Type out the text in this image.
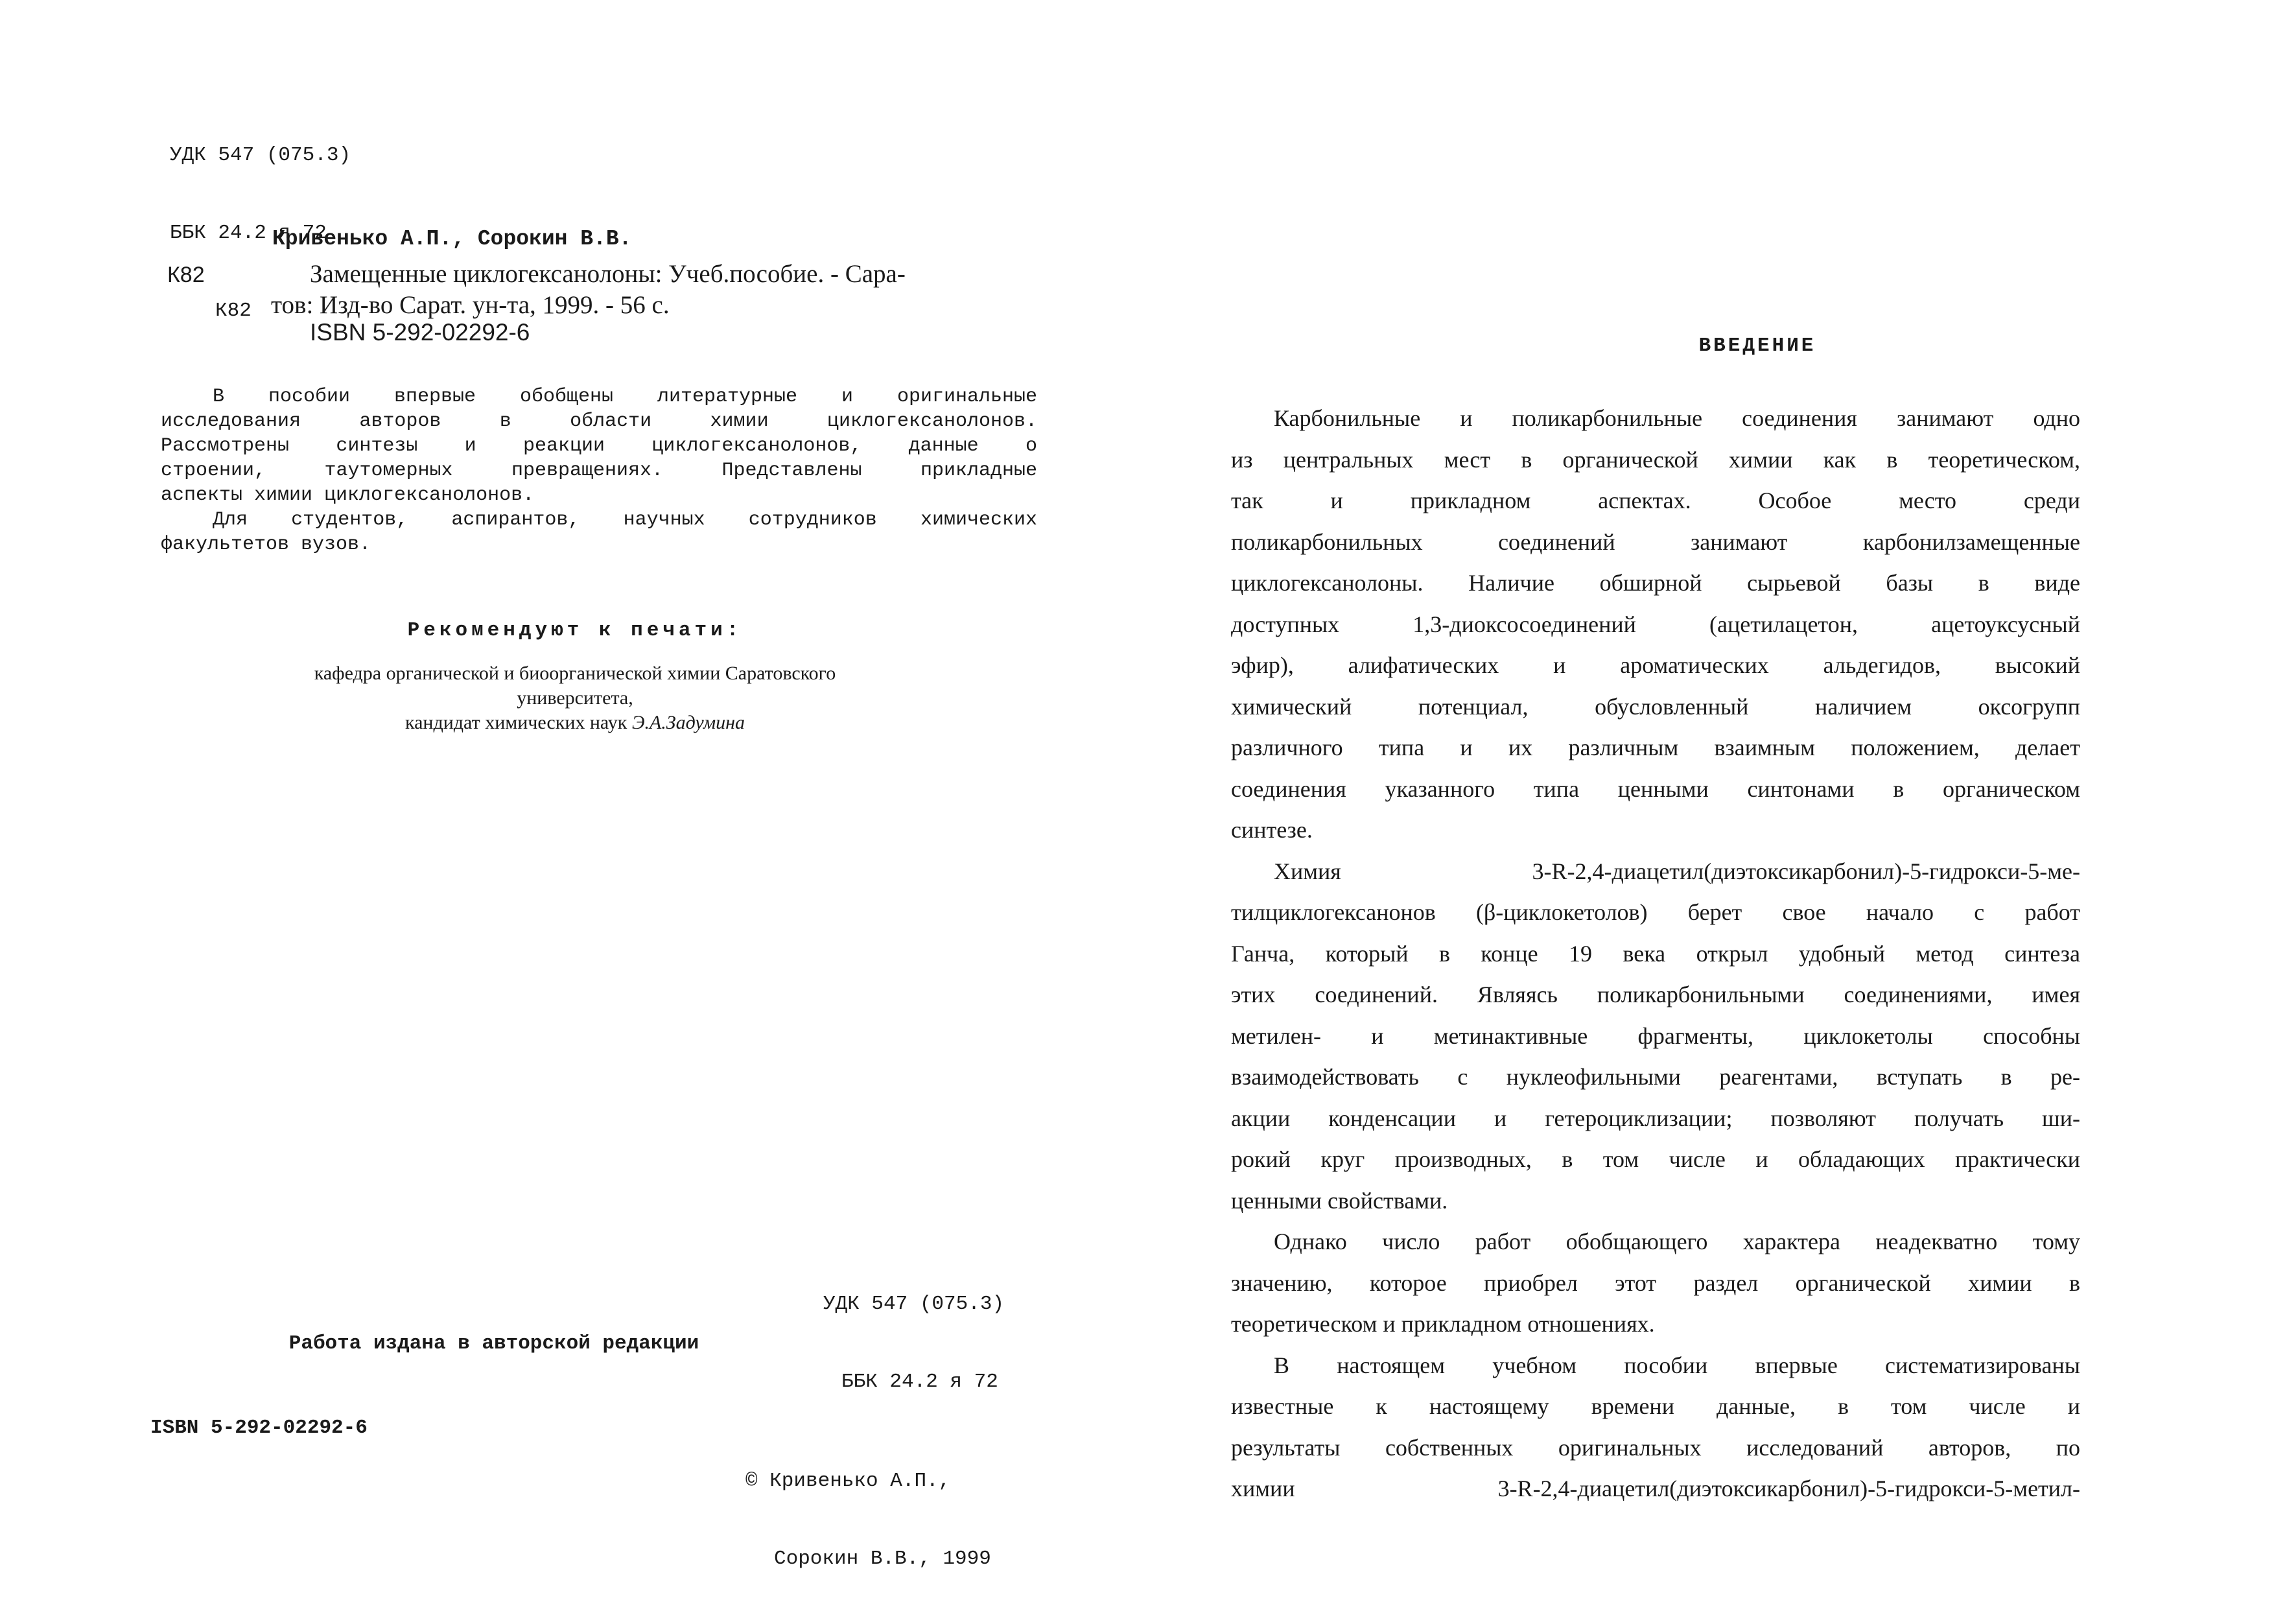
УДК 547 (075.3)

ББК 24.2 я 72

К82

Кривенько А.П., Сорокин В.В.
К82	Замещенные циклогексанолоны: Учеб.пособие. - Сара-
тов: Изд-во Сарат. ун-та, 1999. - 56 с.
ISBN 5-292-02292-6

В пособии впервые обобщены литературные и оригинальные

исследования авторов в области химии циклогексанолонов.

Рассмотрены синтезы и реакции циклогексанолонов, данные о

строении, таутомерных превращениях. Представлены прикладные

аспекты химии циклогексанолонов.

Для студентов, аспирантов, научных сотрудников химических

факультетов вузов.

Рекомендуют к печати:
кафедра органической и биоорганической химии Саратовского
университета,
кандидат химических наук Э.А.Задумина

УДК 547 (075.3)

ББК 24.2 я 72

Работа издана в авторской редакции
ISBN 5-292-02292-6

© Кривенько А.П.,

Сорокин В.В., 1999

ВВЕДЕНИЕ
Карбонильные и поликарбонильные соединения занимают одно
из центральных мест в органической химии как в теоретическом,
так и прикладном аспектах. Особое место среди
поликарбонильных соединений занимают карбонилзамещенные
циклогексанолоны. Наличие обширной сырьевой базы в виде
доступных 1,3-диоксосоединений (ацетилацетон, ацетоуксусный
эфир), алифатических и ароматических альдегидов, высокий
химический потенциал, обусловленный наличием оксогрупп
различного типа и их различным взаимным положением, делает
соединения указанного типа ценными синтонами в органическом
синтезе.
Химия 3-R-2,4-диацетил(диэтоксикарбонил)-5-гидрокси-5-ме-
тилциклогексанонов (β-циклокетолов) берет свое начало с работ
Ганча, который в конце 19 века открыл удобный метод синтеза
этих соединений. Являясь поликарбонильными соединениями, имея
метилен- и метинактивные фрагменты, циклокетолы способны
взаимодействовать с нуклеофильными реагентами, вступать в ре-
акции конденсации и гетероциклизации; позволяют получать ши-
рокий круг производных, в том числе и обладающих практически
ценными свойствами.
Однако число работ обобщающего характера неадекватно тому
значению, которое приобрел этот раздел органической химии в
теоретическом и прикладном отношениях.
В настоящем учебном пособии впервые систематизированы
известные к настоящему времени данные, в том числе и
результаты собственных оригинальных исследований авторов, по
химии 3-R-2,4-диацетил(диэтоксикарбонил)-5-гидрокси-5-метил-
